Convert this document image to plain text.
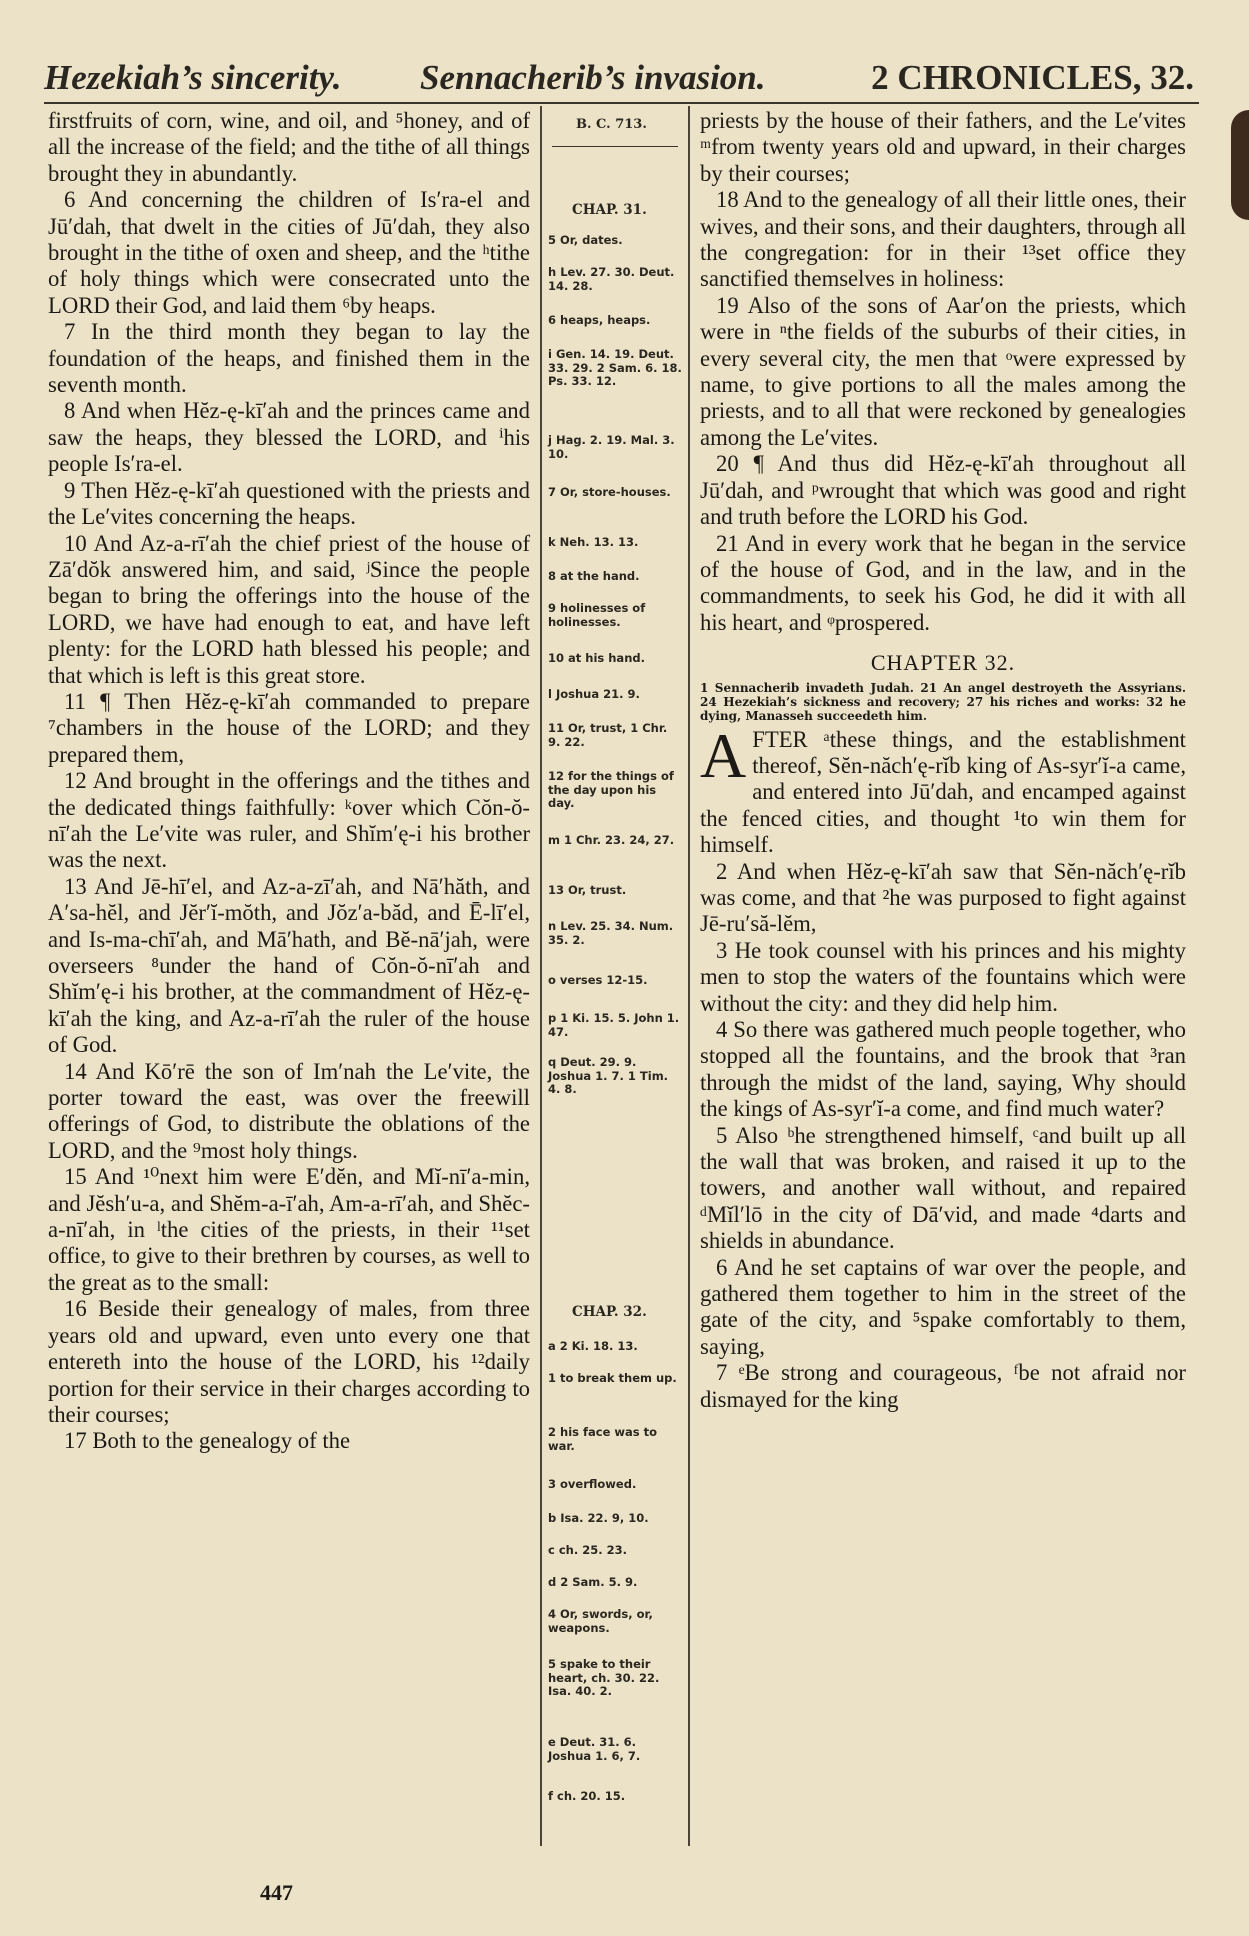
Hezekiah’s sincerity. Sennacherib’s invasion.	2 CHRONICLES, 32.

firstfruits of corn, wine, and oil, and ⁵honey, and of all the increase of the field; and the tithe of all things brought they in abundantly.

6 And concerning the children of Is′ra-el and Jū′dah, that dwelt in the cities of Jū′dah, they also brought in the tithe of oxen and sheep, and the ʰtithe of holy things which were consecrated unto the LORD their God, and laid them ⁶by heaps.

7 In the third month they began to lay the foundation of the heaps, and finished them in the seventh month.

8 And when Hĕz-ę-kī′ah and the princes came and saw the heaps, they blessed the LORD, and ⁱhis people Is′ra-el.

9 Then Hĕz-ę-kī′ah questioned with the priests and the Le′vites concerning the heaps.

10 And Az-a-rī′ah the chief priest of the house of Zā′dŏk answered him, and said, ʲSince the people began to bring the offerings into the house of the LORD, we have had enough to eat, and have left plenty: for the LORD hath blessed his people; and that which is left is this great store.

11 ¶ Then Hĕz-ę-kī′ah commanded to prepare ⁷chambers in the house of the LORD; and they prepared them,

12 And brought in the offerings and the tithes and the dedicated things faithfully: ᵏover which Cŏn-ŏ-nī′ah the Le′vite was ruler, and Shĭm′ę-i his brother was the next.

13 And Jē-hī′el, and Az-a-zī′ah, and Nā′hăth, and A′sa-hĕl, and Jĕr′ĭ-mŏth, and Jŏz′a-băd, and Ē-lī′el, and Is-ma-chī′ah, and Mā′hath, and Bĕ-nā′jah, were overseers ⁸under the hand of Cŏn-ŏ-nī′ah and Shĭm′ę-i his brother, at the commandment of Hĕz-ę-kī′ah the king, and Az-a-rī′ah the ruler of the house of God.

14 And Kō′rē the son of Im′nah the Le′vite, the porter toward the east, was over the freewill offerings of God, to distribute the oblations of the LORD, and the ⁹most holy things.

15 And ¹⁰next him were E′dĕn, and Mĭ-nī′a-min, and Jĕsh′u-a, and Shĕm-a-ī′ah, Am-a-rī′ah, and Shĕc-a-nī′ah, in ˡthe cities of the priests, in their ¹¹set office, to give to their brethren by courses, as well to the great as to the small:

16 Beside their genealogy of males, from three years old and upward, even unto every one that entereth into the house of the LORD, his ¹²daily portion for their service in their charges according to their courses;

17 Both to the genealogy of the

B. C. 713.
CHAP. 31.
5 Or, dates.
h Lev. 27. 30. Deut. 14. 28.
6 heaps, heaps.
i Gen. 14. 19. Deut. 33. 29. 2 Sam. 6. 18. Ps. 33. 12.
j Hag. 2. 19. Mal. 3. 10.
7 Or, store-houses.
k Neh. 13. 13.
8 at the hand.
9 holinesses of holinesses.
10 at his hand.
l Joshua 21. 9.
11 Or, trust, 1 Chr. 9. 22.
12 for the things of the day upon his day.
m 1 Chr. 23. 24, 27.
13 Or, trust.
n Lev. 25. 34. Num. 35. 2.
o verses 12-15.
p 1 Ki. 15. 5. John 1. 47.
q Deut. 29. 9. Joshua 1. 7. 1 Tim. 4. 8.
CHAP. 32.
a 2 Ki. 18. 13.
1 to break them up.
2 his face was to war.
3 overflowed.
b Isa. 22. 9, 10.
c ch. 25. 23.
d 2 Sam. 5. 9.
4 Or, swords, or, weapons.
5 spake to their heart, ch. 30. 22. Isa. 40. 2.
e Deut. 31. 6. Joshua 1. 6, 7.
f ch. 20. 15.

priests by the house of their fathers, and the Le′vites ᵐfrom twenty years old and upward, in their charges by their courses;

18 And to the genealogy of all their little ones, their wives, and their sons, and their daughters, through all the congregation: for in their ¹³set office they sanctified themselves in holiness:

19 Also of the sons of Aar′on the priests, which were in ⁿthe fields of the suburbs of their cities, in every several city, the men that ᵒwere expressed by name, to give portions to all the males among the priests, and to all that were reckoned by genealogies among the Le′vites.

20 ¶ And thus did Hĕz-ę-kī′ah throughout all Jū′dah, and ᵖwrought that which was good and right and truth before the LORD his God.

21 And in every work that he began in the service of the house of God, and in the law, and in the commandments, to seek his God, he did it with all his heart, and ᵠprospered.

CHAPTER 32.
1 Sennacherib invadeth Judah. 21 An angel destroyeth the Assyrians. 24 Hezekiah’s sickness and recovery; 27 his riches and works: 32 he dying, Manasseh succeedeth him.

AFTER ᵃthese things, and the establishment thereof, Sĕn-năch′ę-rĭb king of As-syr′ĭ-a came, and entered into Jū′dah, and encamped against the fenced cities, and thought ¹to win them for himself.

2 And when Hĕz-ę-kī′ah saw that Sĕn-năch′ę-rĭb was come, and that ²he was purposed to fight against Jē-ru′să-lĕm,

3 He took counsel with his princes and his mighty men to stop the waters of the fountains which were without the city: and they did help him.

4 So there was gathered much people together, who stopped all the fountains, and the brook that ³ran through the midst of the land, saying, Why should the kings of As-syr′ĭ-a come, and find much water?

5 Also ᵇhe strengthened himself, ᶜand built up all the wall that was broken, and raised it up to the towers, and another wall without, and repaired ᵈMĭl′lō in the city of Dā′vid, and made ⁴darts and shields in abundance.

6 And he set captains of war over the people, and gathered them together to him in the street of the gate of the city, and ⁵spake comfortably to them, saying,

7 ᵉBe strong and courageous, ᶠbe not afraid nor dismayed for the king

447
